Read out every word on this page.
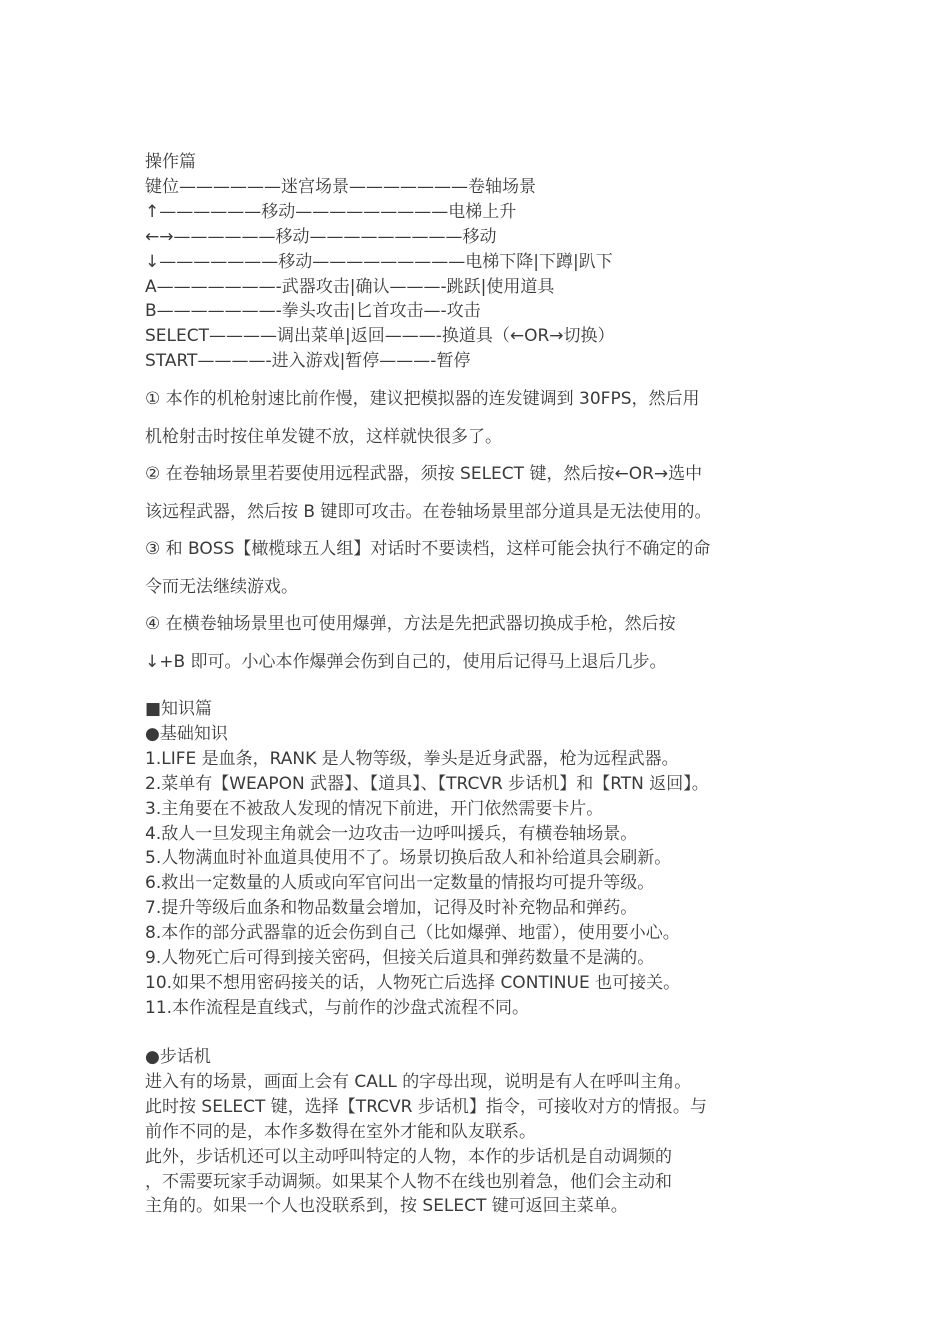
操作篇
键位——————迷宫场景———————卷轴场景
↑——————移动—————————电梯上升
←→——————移动—————————移动
↓———————移动—————————电梯下降|下蹲|趴下
A———————-武器攻击|确认———-跳跃|使用道具
B———————-拳头攻击|匕首攻击—-攻击
SELECT————调出菜单|返回———-换道具（←OR→切换）
START————-进入游戏|暂停———-暂停
① 本作的机枪射速比前作慢，建议把模拟器的连发键调到 30FPS，然后用
机枪射击时按住单发键不放，这样就快很多了。
② 在卷轴场景里若要使用远程武器，须按 SELECT 键，然后按←OR→选中
该远程武器，然后按 B 键即可攻击。在卷轴场景里部分道具是无法使用的。
③ 和 BOSS【橄榄球五人组】对话时不要读档，这样可能会执行不确定的命
令而无法继续游戏。
④ 在横卷轴场景里也可使用爆弹，方法是先把武器切换成手枪，然后按
↓+B 即可。小心本作爆弹会伤到自己的，使用后记得马上退后几步。
■知识篇
●基础知识
1.LIFE 是血条，RANK 是人物等级，拳头是近身武器，枪为远程武器。
2.菜单有【WEAPON 武器】、【道具】、【TRCVR 步话机】和【RTN 返回】。
3.主角要在不被敌人发现的情况下前进，开门依然需要卡片。
4.敌人一旦发现主角就会一边攻击一边呼叫援兵，有横卷轴场景。
5.人物满血时补血道具使用不了。场景切换后敌人和补给道具会刷新。
6.救出一定数量的人质或向军官问出一定数量的情报均可提升等级。
7.提升等级后血条和物品数量会增加，记得及时补充物品和弹药。
8.本作的部分武器靠的近会伤到自己（比如爆弹、地雷），使用要小心。
9.人物死亡后可得到接关密码，但接关后道具和弹药数量不是满的。
10.如果不想用密码接关的话，人物死亡后选择 CONTINUE 也可接关。
11.本作流程是直线式，与前作的沙盘式流程不同。
●步话机
进入有的场景，画面上会有 CALL 的字母出现，说明是有人在呼叫主角。
此时按 SELECT 键，选择【TRCVR 步话机】指令，可接收对方的情报。与
前作不同的是，本作多数得在室外才能和队友联系。
此外，步话机还可以主动呼叫特定的人物，本作的步话机是自动调频的
，不需要玩家手动调频。如果某个人物不在线也别着急，他们会主动和
主角的。如果一个人也没联系到，按 SELECT 键可返回主菜单。
